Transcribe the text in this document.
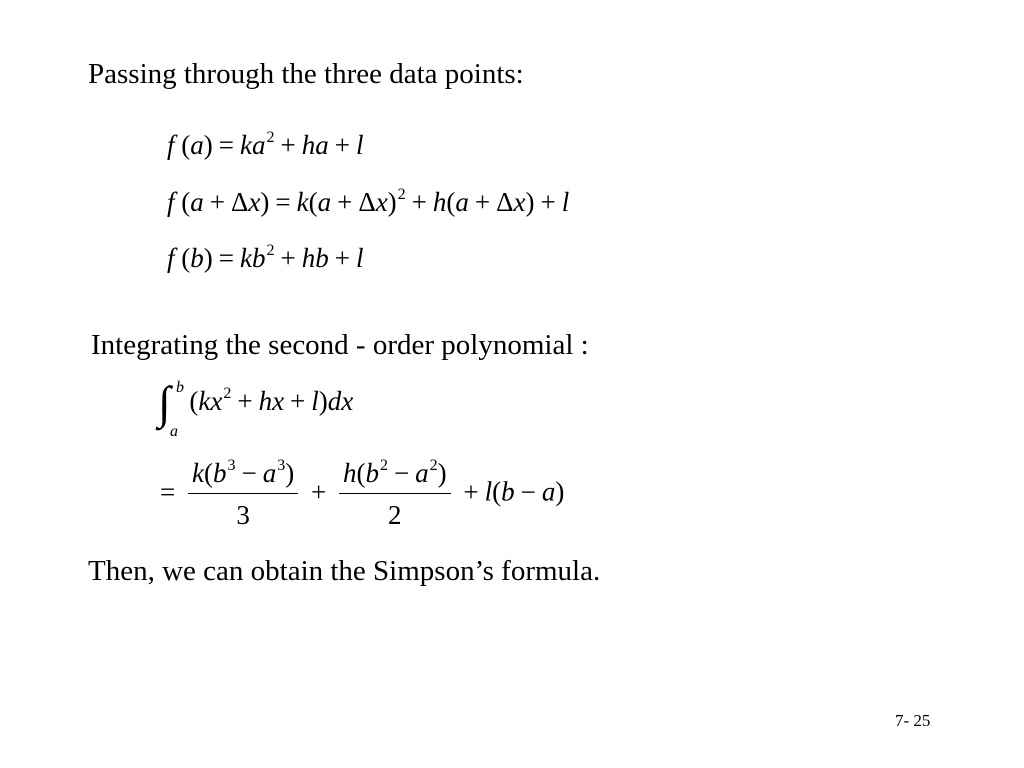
Passing through the three data points:
f $(a) = ka^2$ + ha + l
f $(a + \Delta x) = k(a + \Delta x)^2 + h(a + \Delta x) + l$
f $(b) = kb^2$ + hb + l
Integrating the second - order polynomial :
∫ b
a
($kx^2$ + hx + l)dx
= $\frac{k(b^3 - a^3)}{3} + \frac{h(b^2 - a^2)}{2} + l(b - a)$
Then, we can obtain the Simpson’s formula.
7- 25
